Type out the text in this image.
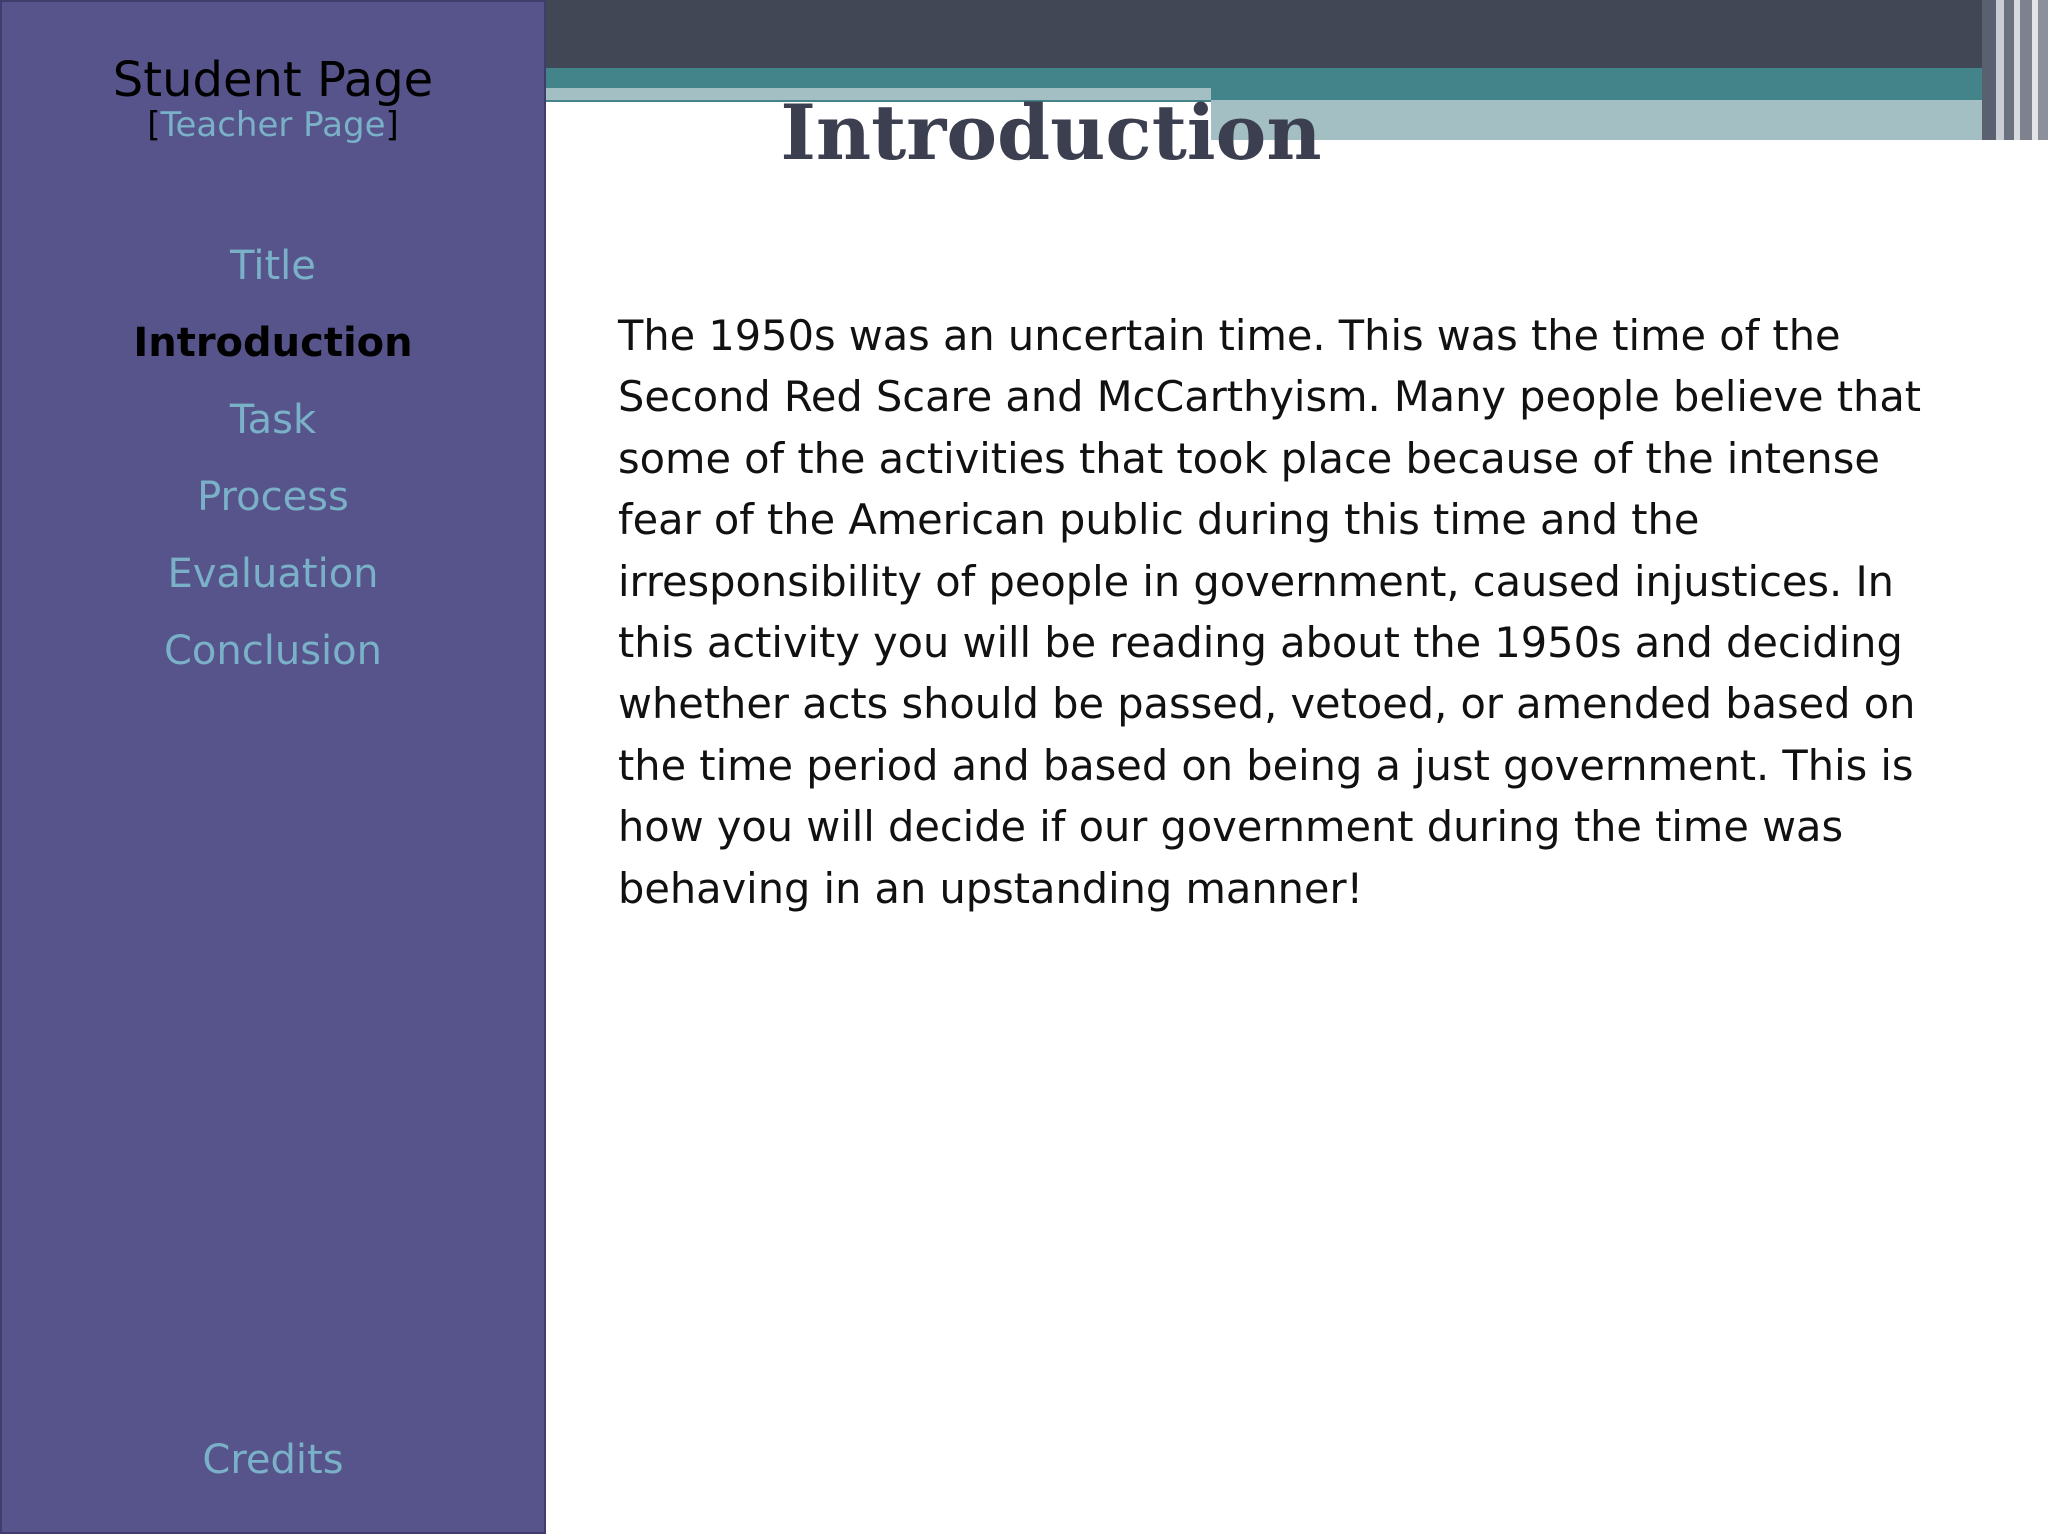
Student Page
[Teacher Page]
Title
Introduction
Task
Process
Evaluation
Conclusion
Credits
Introduction

The 1950s was an uncertain time. This was the time of the Second Red Scare and McCarthyism. Many people believe that some of the activities that took place because of the intense fear of the American public during this time and the irresponsibility of people in government, caused injustices. In this activity you will be reading about the 1950s and deciding whether acts should be passed, vetoed, or amended based on the time period and based on being a just government. This is how you will decide if our government during the time was behaving in an upstanding manner!
